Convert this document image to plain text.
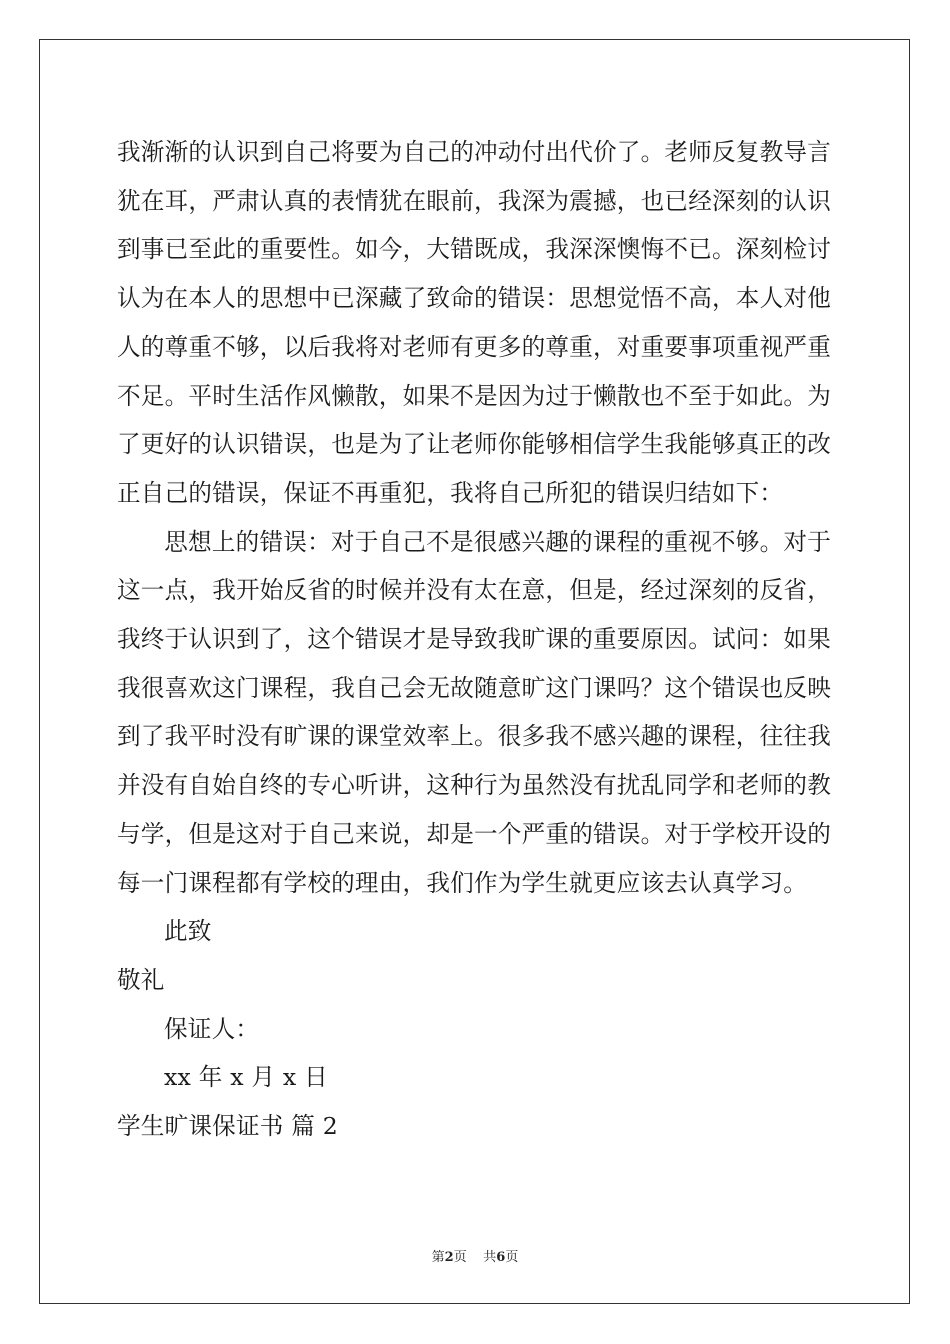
我渐渐的认识到自己将要为自己的冲动付出代价了。老师反复教导言犹在耳，严肃认真的表情犹在眼前，我深为震撼，也已经深刻的认识到事已至此的重要性。如今，大错既成，我深深懊悔不已。深刻检讨认为在本人的思想中已深藏了致命的错误：思想觉悟不高，本人对他人的尊重不够，以后我将对老师有更多的尊重，对重要事项重视严重不足。平时生活作风懒散，如果不是因为过于懒散也不至于如此。为了更好的认识错误，也是为了让老师你能够相信学生我能够真正的改正自己的错误，保证不再重犯，我将自己所犯的错误归结如下：

思想上的错误：对于自己不是很感兴趣的课程的重视不够。对于这一点，我开始反省的时候并没有太在意，但是，经过深刻的反省，我终于认识到了，这个错误才是导致我旷课的重要原因。试问：如果我很喜欢这门课程，我自己会无故随意旷这门课吗？这个错误也反映到了我平时没有旷课的课堂效率上。很多我不感兴趣的课程，往往我并没有自始自终的专心听讲，这种行为虽然没有扰乱同学和老师的教与学，但是这对于自己来说，却是一个严重的错误。对于学校开设的每一门课程都有学校的理由，我们作为学生就更应该去认真学习。

此致

敬礼

保证人：

xx 年 x 月 x 日

学生旷课保证书 篇 2

第2页 共6页
